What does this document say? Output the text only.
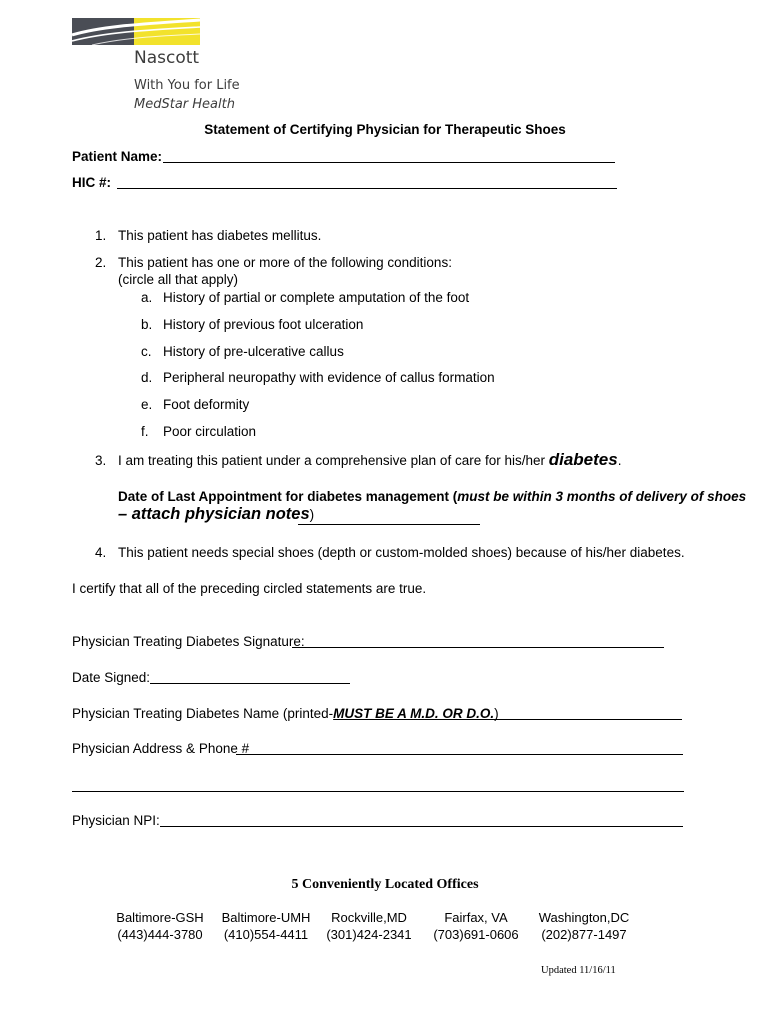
Nascott
With You for Life
MedStar Health
Statement of Certifying Physician for Therapeutic Shoes
Patient Name:
HIC #:
1. This patient has diabetes mellitus.
2. This patient has one or more of the following conditions:
(circle all that apply)
a. History of partial or complete amputation of the foot
b. History of previous foot ulceration
c. History of pre-ulcerative callus
d. Peripheral neuropathy with evidence of callus formation
e. Foot deformity
f. Poor circulation
3. I am treating this patient under a comprehensive plan of care for his/her diabetes.
Date of Last Appointment for diabetes management (must be within 3 months of delivery of shoes
– attach physician notes)
4. This patient needs special shoes (depth or custom-molded shoes) because of his/her diabetes.
I certify that all of the preceding circled statements are true.
Physician Treating Diabetes Signature:
Date Signed:
Physician Treating Diabetes Name (printed-MUST BE A M.D. OR D.O.)
Physician Address & Phone #
Physician NPI:
5 Conveniently Located Offices
Baltimore-GSH
(443)444-3780
Baltimore-UMH
(410)554-4411
Rockville,MD
(301)424-2341
Fairfax, VA
(703)691-0606
Washington,DC
(202)877-1497
Updated 11/16/11
